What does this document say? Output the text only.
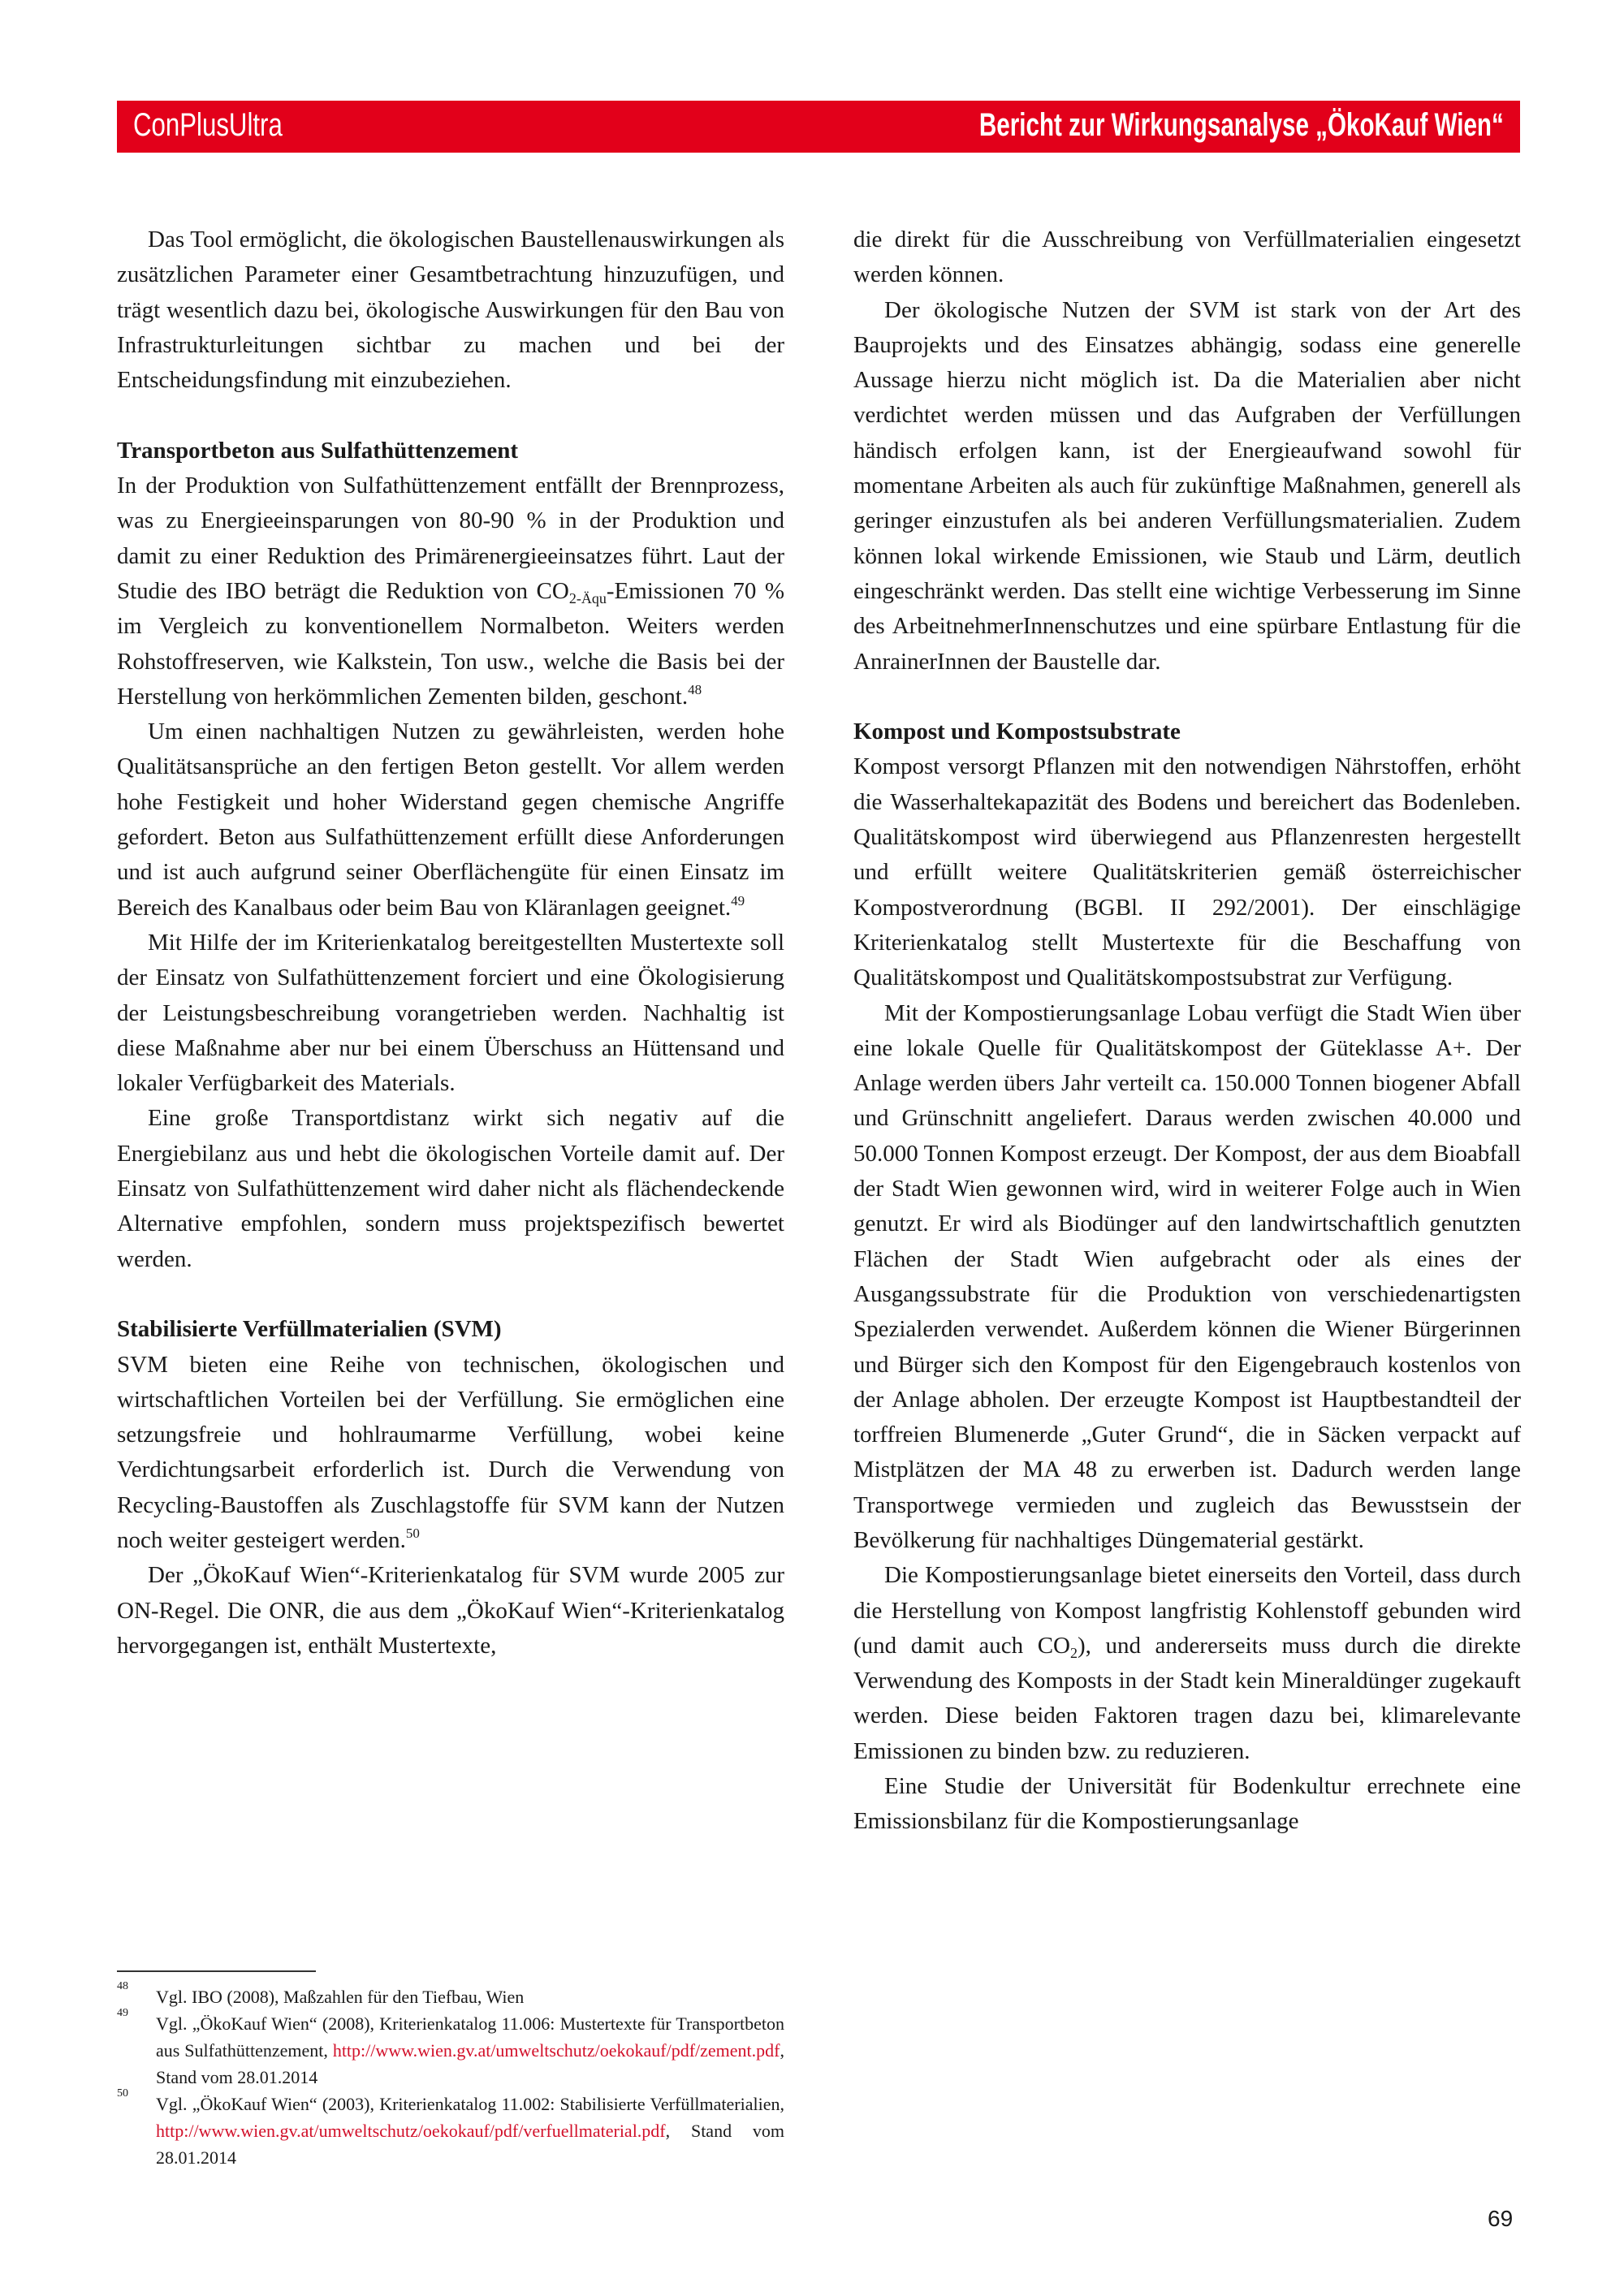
ConPlusUltra	Bericht zur Wirkungsanalyse „ÖkoKauf Wien“

Das Tool ermöglicht, die ökologischen Baustellenauswirkungen als zusätzlichen Parameter einer Gesamtbetrachtung hinzuzufügen, und trägt wesentlich dazu bei, ökologische Auswirkungen für den Bau von Infrastrukturleitungen sichtbar zu machen und bei der Entscheidungsfindung mit einzubeziehen.

Transportbeton aus Sulfathüttenzement

In der Produktion von Sulfathüttenzement entfällt der Brennprozess, was zu Energieeinsparungen von 80-90 % in der Produktion und damit zu einer Reduktion des Primärenergieeinsatzes führt. Laut der Studie des IBO beträgt die Reduktion von $CO_{2-Äqu}$-Emissionen 70 % im Vergleich zu konventionellem Normalbeton. Weiters werden Rohstoffreserven, wie Kalkstein, Ton usw., welche die Basis bei der Herstellung von herkömmlichen Zementen bilden, geschont.$^{48}$

Um einen nachhaltigen Nutzen zu gewährleisten, werden hohe Qualitätsansprüche an den fertigen Beton gestellt. Vor allem werden hohe Festigkeit und hoher Widerstand gegen chemische Angriffe gefordert. Beton aus Sulfathüttenzement erfüllt diese Anforderungen und ist auch aufgrund seiner Oberflächengüte für einen Einsatz im Bereich des Kanalbaus oder beim Bau von Kläranlagen geeignet.$^{49}$

Mit Hilfe der im Kriterienkatalog bereitgestellten Mustertexte soll der Einsatz von Sulfathüttenzement forciert und eine Ökologisierung der Leistungsbeschreibung vorangetrieben werden. Nachhaltig ist diese Maßnahme aber nur bei einem Überschuss an Hüttensand und lokaler Verfügbarkeit des Materials.

Eine große Transportdistanz wirkt sich negativ auf die Energiebilanz aus und hebt die ökologischen Vorteile damit auf. Der Einsatz von Sulfathüttenzement wird daher nicht als flächendeckende Alternative empfohlen, sondern muss projektspezifisch bewertet werden.

Stabilisierte Verfüllmaterialien (SVM)

SVM bieten eine Reihe von technischen, ökologischen und wirtschaftlichen Vorteilen bei der Verfüllung. Sie ermöglichen eine setzungsfreie und hohlraumarme Verfüllung, wobei keine Verdichtungsarbeit erforderlich ist. Durch die Verwendung von Recycling-Baustoffen als Zuschlagstoffe für SVM kann der Nutzen noch weiter gesteigert werden.$^{50}$

Der „ÖkoKauf Wien“-Kriterienkatalog für SVM wurde 2005 zur ON-Regel. Die ONR, die aus dem „ÖkoKauf Wien“-Kriterienkatalog hervorgegangen ist, enthält Mustertexte,

48
Vgl. IBO (2008), Maßzahlen für den Tiefbau, Wien
49
Vgl. „ÖkoKauf Wien“ (2008), Kriterienkatalog 11.006: Mustertexte für Transportbeton aus Sulfathüttenzement, http://www.wien.gv.at/umweltschutz/oekokauf/pdf/zement.pdf, Stand vom 28.01.2014
50
Vgl. „ÖkoKauf Wien“ (2003), Kriterienkatalog 11.002: Stabilisierte Verfüllmaterialien, http://www.wien.gv.at/umweltschutz/oekokauf/pdf/verfuellmaterial.pdf, Stand vom 28.01.2014

die direkt für die Ausschreibung von Verfüllmaterialien eingesetzt werden können.

Der ökologische Nutzen der SVM ist stark von der Art des Bauprojekts und des Einsatzes abhängig, sodass eine generelle Aussage hierzu nicht möglich ist. Da die Materialien aber nicht verdichtet werden müssen und das Aufgraben der Verfüllungen händisch erfolgen kann, ist der Energieaufwand sowohl für momentane Arbeiten als auch für zukünftige Maßnahmen, generell als geringer einzustufen als bei anderen Verfüllungsmaterialien. Zudem können lokal wirkende Emissionen, wie Staub und Lärm, deutlich eingeschränkt werden. Das stellt eine wichtige Verbesserung im Sinne des ArbeitnehmerInnenschutzes und eine spürbare Entlastung für die AnrainerInnen der Baustelle dar.

Kompost und Kompostsubstrate

Kompost versorgt Pflanzen mit den notwendigen Nährstoffen, erhöht die Wasserhaltekapazität des Bodens und bereichert das Bodenleben. Qualitätskompost wird überwiegend aus Pflanzenresten hergestellt und erfüllt weitere Qualitätskriterien gemäß österreichischer Kompostverordnung (BGBl. II 292/2001). Der einschlägige Kriterienkatalog stellt Mustertexte für die Beschaffung von Qualitätskompost und Qualitätskompostsubstrat zur Verfügung.

Mit der Kompostierungsanlage Lobau verfügt die Stadt Wien über eine lokale Quelle für Qualitätskompost der Güteklasse A+. Der Anlage werden übers Jahr verteilt ca. 150.000 Tonnen biogener Abfall und Grünschnitt angeliefert. Daraus werden zwischen 40.000 und 50.000 Tonnen Kompost erzeugt. Der Kompost, der aus dem Bioabfall der Stadt Wien gewonnen wird, wird in weiterer Folge auch in Wien genutzt. Er wird als Biodünger auf den landwirtschaftlich genutzten Flächen der Stadt Wien aufgebracht oder als eines der Ausgangssubstrate für die Produktion von verschiedenartigsten Spezialerden verwendet. Außerdem können die Wiener Bürgerinnen und Bürger sich den Kompost für den Eigengebrauch kostenlos von der Anlage abholen. Der erzeugte Kompost ist Hauptbestandteil der torffreien Blumenerde „Guter Grund“, die in Säcken verpackt auf Mistplätzen der MA 48 zu erwerben ist. Dadurch werden lange Transportwege vermieden und zugleich das Bewusstsein der Bevölkerung für nachhaltiges Düngematerial gestärkt.

Die Kompostierungsanlage bietet einerseits den Vorteil, dass durch die Herstellung von Kompost langfristig Kohlenstoff gebunden wird (und damit auch $CO_2$), und andererseits muss durch die direkte Verwendung des Komposts in der Stadt kein Mineraldünger zugekauft werden. Diese beiden Faktoren tragen dazu bei, klimarelevante Emissionen zu binden bzw. zu reduzieren.

Eine Studie der Universität für Bodenkultur errechnete eine Emissionsbilanz für die Kompostierungsanlage

69
